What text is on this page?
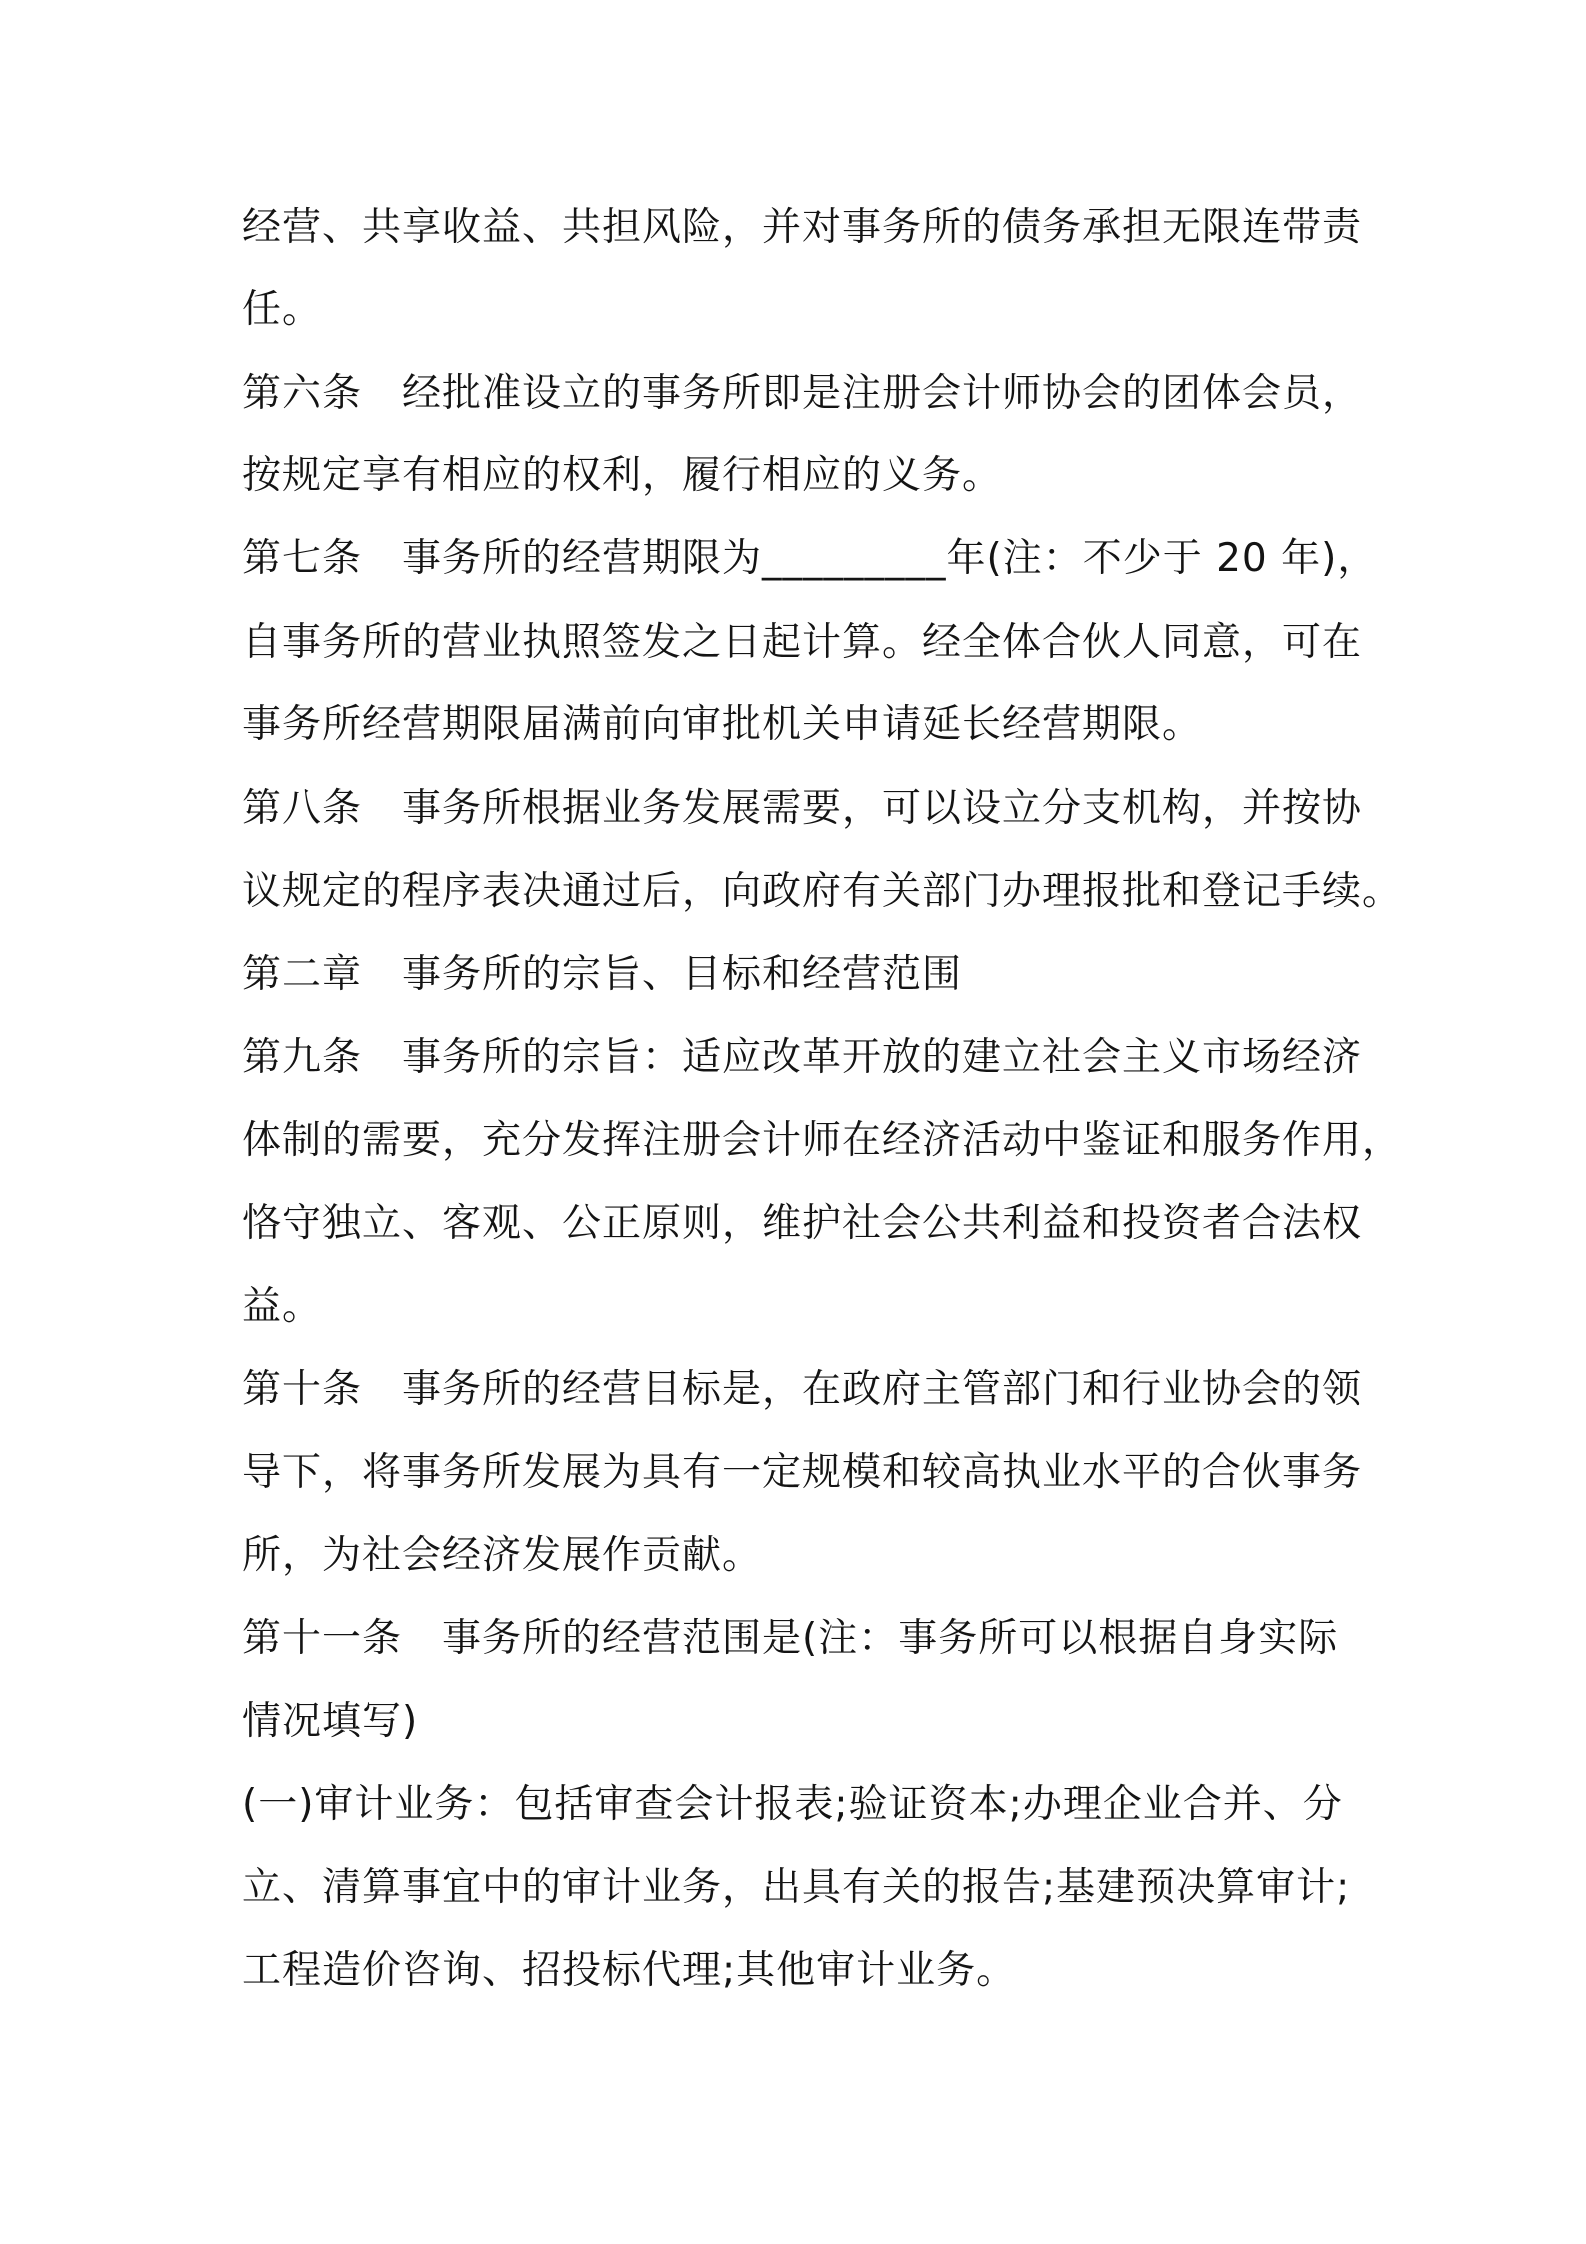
经营、共享收益、共担风险，并对事务所的债务承担无限连带责

任。

第六条　经批准设立的事务所即是注册会计师协会的团体会员，

按规定享有相应的权利，履行相应的义务。

第七条　事务所的经营期限为_________年(注：不少于 20 年)，

自事务所的营业执照签发之日起计算。经全体合伙人同意，可在

事务所经营期限届满前向审批机关申请延长经营期限。

第八条　事务所根据业务发展需要，可以设立分支机构，并按协

议规定的程序表决通过后，向政府有关部门办理报批和登记手续。

第二章　事务所的宗旨、目标和经营范围

第九条　事务所的宗旨：适应改革开放的建立社会主义市场经济

体制的需要，充分发挥注册会计师在经济活动中鉴证和服务作用，

恪守独立、客观、公正原则，维护社会公共利益和投资者合法权

益。

第十条　事务所的经营目标是，在政府主管部门和行业协会的领

导下，将事务所发展为具有一定规模和较高执业水平的合伙事务

所，为社会经济发展作贡献。

第十一条　事务所的经营范围是(注：事务所可以根据自身实际

情况填写)

(一)审计业务：包括审查会计报表;验证资本;办理企业合并、分

立、清算事宜中的审计业务，出具有关的报告;基建预决算审计;

工程造价咨询、招投标代理;其他审计业务。
